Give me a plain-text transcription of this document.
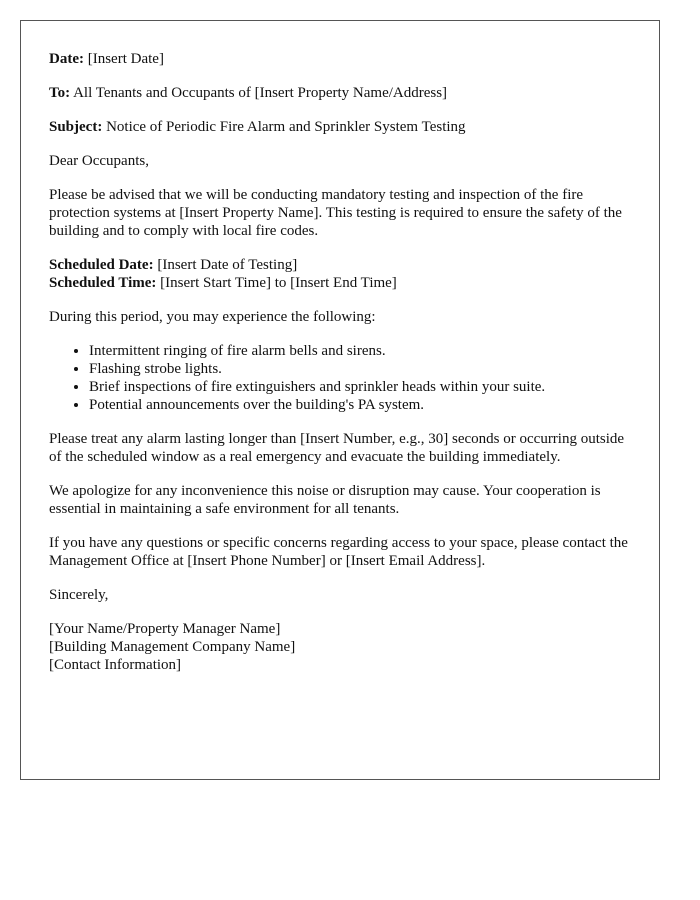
Date: [Insert Date]

To: All Tenants and Occupants of [Insert Property Name/Address]

Subject: Notice of Periodic Fire Alarm and Sprinkler System Testing

Dear Occupants,

Please be advised that we will be conducting mandatory testing and inspection of the fire protection systems at [Insert Property Name]. This testing is required to ensure the safety of the building and to comply with local fire codes.

Scheduled Date: [Insert Date of Testing]

Scheduled Time: [Insert Start Time] to [Insert End Time]

During this period, you may experience the following:

• Intermittent ringing of fire alarm bells and sirens.
• Flashing strobe lights.
• Brief inspections of fire extinguishers and sprinkler heads within your suite.
• Potential announcements over the building's PA system.

Please treat any alarm lasting longer than [Insert Number, e.g., 30] seconds or occurring outside of the scheduled window as a real emergency and evacuate the building immediately.

We apologize for any inconvenience this noise or disruption may cause. Your cooperation is essential in maintaining a safe environment for all tenants.

If you have any questions or specific concerns regarding access to your space, please contact the Management Office at [Insert Phone Number] or [Insert Email Address].

Sincerely,

[Your Name/Property Manager Name]

[Building Management Company Name]

[Contact Information]
